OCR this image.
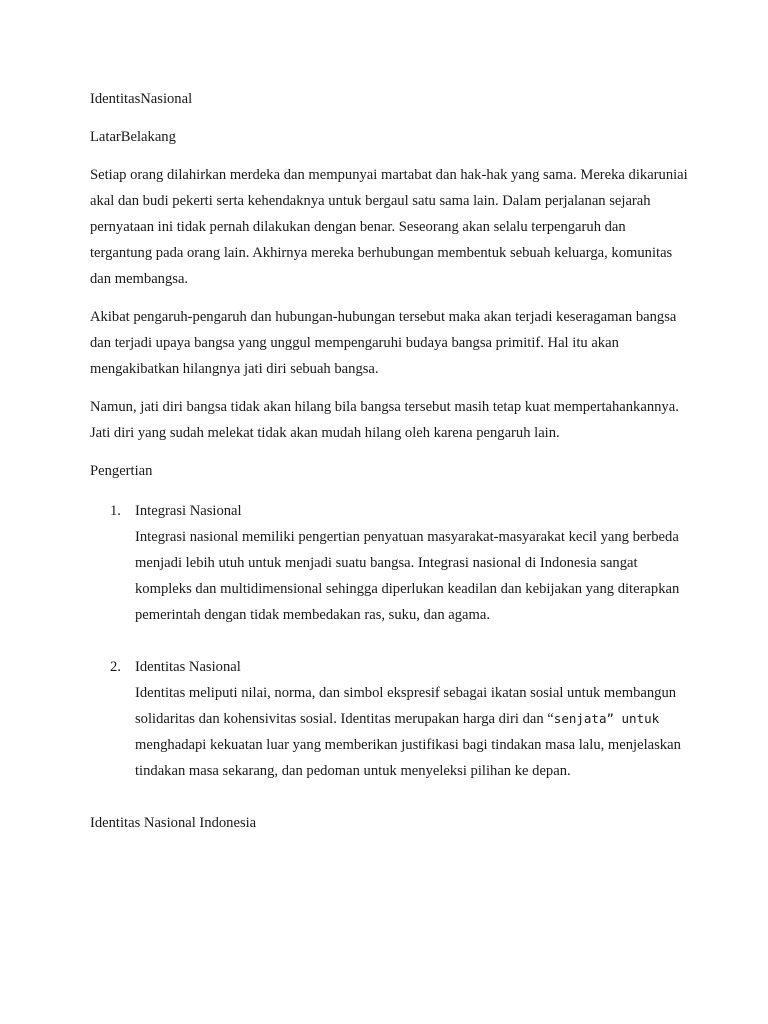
IdentitasNasional

LatarBelakang

Setiap orang dilahirkan merdeka dan mempunyai martabat dan hak-hak yang sama. Mereka dikaruniai akal dan budi pekerti serta kehendaknya untuk bergaul satu sama lain. Dalam perjalanan sejarah pernyataan ini tidak pernah dilakukan dengan benar. Seseorang akan selalu terpengaruh dan tergantung pada orang lain. Akhirnya mereka berhubungan membentuk sebuah keluarga, komunitas dan membangsa.

Akibat pengaruh-pengaruh dan hubungan-hubungan tersebut maka akan terjadi keseragaman bangsa dan terjadi upaya bangsa yang unggul mempengaruhi budaya bangsa primitif. Hal itu akan mengakibatkan hilangnya jati diri sebuah bangsa.

Namun, jati diri bangsa tidak akan hilang bila bangsa tersebut masih tetap kuat mempertahankannya. Jati diri yang sudah melekat tidak akan mudah hilang oleh karena pengaruh lain.

Pengertian

1. Integrasi Nasional

Integrasi nasional memiliki pengertian penyatuan masyarakat-masyarakat kecil yang berbeda menjadi lebih utuh untuk menjadi suatu bangsa. Integrasi nasional di Indonesia sangat kompleks dan multidimensional sehingga diperlukan keadilan dan kebijakan yang diterapkan pemerintah dengan tidak membedakan ras, suku, dan agama.

2. Identitas Nasional

Identitas meliputi nilai, norma, dan simbol ekspresif sebagai ikatan sosial untuk membangun solidaritas dan kohensivitas sosial. Identitas merupakan harga diri dan “senjata” untuk menghadapi kekuatan luar yang memberikan justifikasi bagi tindakan masa lalu, menjelaskan tindakan masa sekarang, dan pedoman untuk menyeleksi pilihan ke depan.

Identitas Nasional Indonesia
